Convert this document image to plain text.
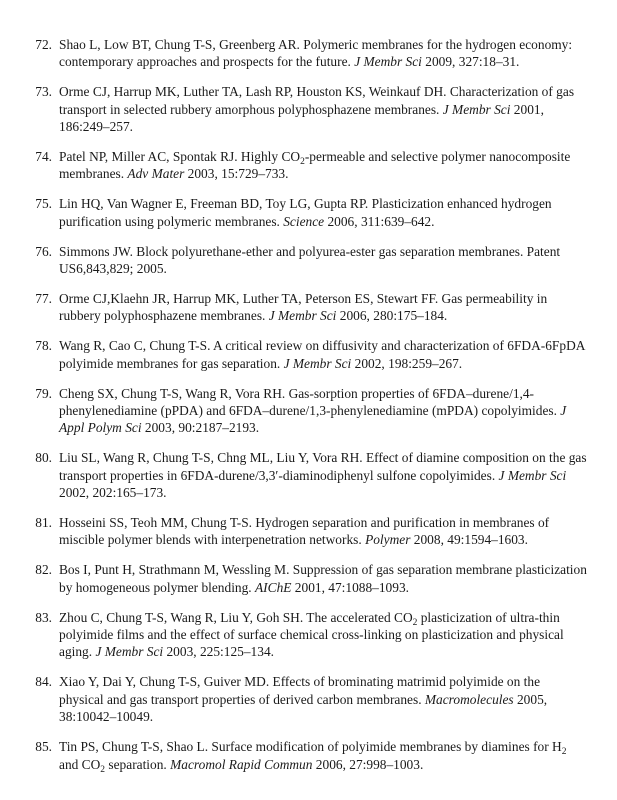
72. Shao L, Low BT, Chung T-S, Greenberg AR. Polymeric membranes for the hydrogen economy: contemporary approaches and prospects for the future. J Membr Sci 2009, 327:18–31.
73. Orme CJ, Harrup MK, Luther TA, Lash RP, Houston KS, Weinkauf DH. Characterization of gas transport in selected rubbery amorphous polyphosphazene membranes. J Membr Sci 2001, 186:249–257.
74. Patel NP, Miller AC, Spontak RJ. Highly $CO_2$-permeable and selective polymer nanocomposite membranes. Adv Mater 2003, 15:729–733.
75. Lin HQ, Van Wagner E, Freeman BD, Toy LG, Gupta RP. Plasticization enhanced hydrogen purification using polymeric membranes. Science 2006, 311:639–642.
76. Simmons JW. Block polyurethane-ether and polyurea-ester gas separation membranes. Patent US6,843,829; 2005.
77. Orme CJ,Klaehn JR, Harrup MK, Luther TA, Peterson ES, Stewart FF. Gas permeability in rubbery polyphosphazene membranes. J Membr Sci 2006, 280:175–184.
78. Wang R, Cao C, Chung T-S. A critical review on diffusivity and characterization of 6FDA-6FpDA polyimide membranes for gas separation. J Membr Sci 2002, 198:259–267.
79. Cheng SX, Chung T-S, Wang R, Vora RH. Gas-sorption properties of 6FDA–durene/1,4-phenylenediamine (pPDA) and 6FDA–durene/1,3-phenylenediamine (mPDA) copolyimides. J Appl Polym Sci 2003, 90:2187–2193.
80. Liu SL, Wang R, Chung T-S, Chng ML, Liu Y, Vora RH. Effect of diamine composition on the gas transport properties in 6FDA-durene/3,3′-diaminodiphenyl sulfone copolyimides. J Membr Sci 2002, 202:165–173.
81. Hosseini SS, Teoh MM, Chung T-S. Hydrogen separation and purification in membranes of miscible polymer blends with interpenetration networks. Polymer 2008, 49:1594–1603.
82. Bos I, Punt H, Strathmann M, Wessling M. Suppression of gas separation membrane plasticization by homogeneous polymer blending. AIChE 2001, 47:1088–1093.
83. Zhou C, Chung T-S, Wang R, Liu Y, Goh SH. The accelerated $CO_2$ plasticization of ultra-thin polyimide films and the effect of surface chemical cross-linking on plasticization and physical aging. J Membr Sci 2003, 225:125–134.
84. Xiao Y, Dai Y, Chung T-S, Guiver MD. Effects of brominating matrimid polyimide on the physical and gas transport properties of derived carbon membranes. Macromolecules 2005, 38:10042–10049.
85. Tin PS, Chung T-S, Shao L. Surface modification of polyimide membranes by diamines for $H_2$ and $CO_2$ separation. Macromol Rapid Commun 2006, 27:998–1003.
